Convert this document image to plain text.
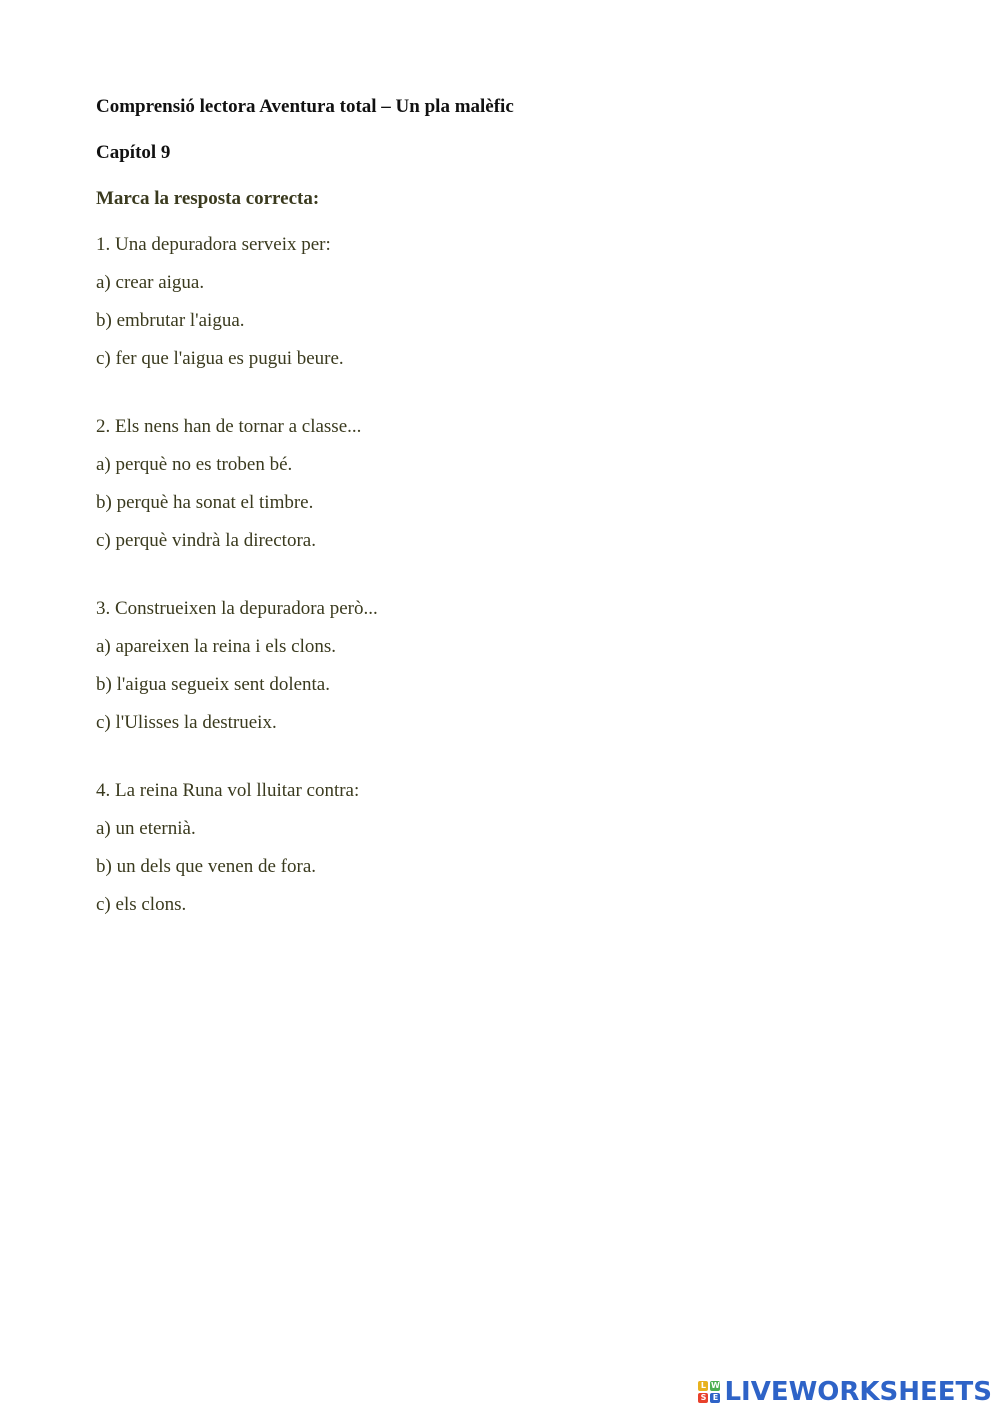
Comprensió lectora Aventura total – Un pla malèfic
Capítol 9
Marca la resposta correcta:
1. Una depuradora serveix per:
a) crear aigua.
b) embrutar l'aigua.
c) fer que l'aigua es pugui beure.
2. Els nens han de tornar a classe...
a) perquè no es troben bé.
b) perquè ha sonat el timbre.
c) perquè vindrà la directora.
3. Construeixen la depuradora però...
a) apareixen la reina i els clons.
b) l'aigua segueix sent dolenta.
c) l'Ulisses la destrueix.
4. La reina Runa vol lluitar contra:
a) un eternià.
b) un dels que venen de fora.
c) els clons.
L W
S E LIVEWORKSHEETS
